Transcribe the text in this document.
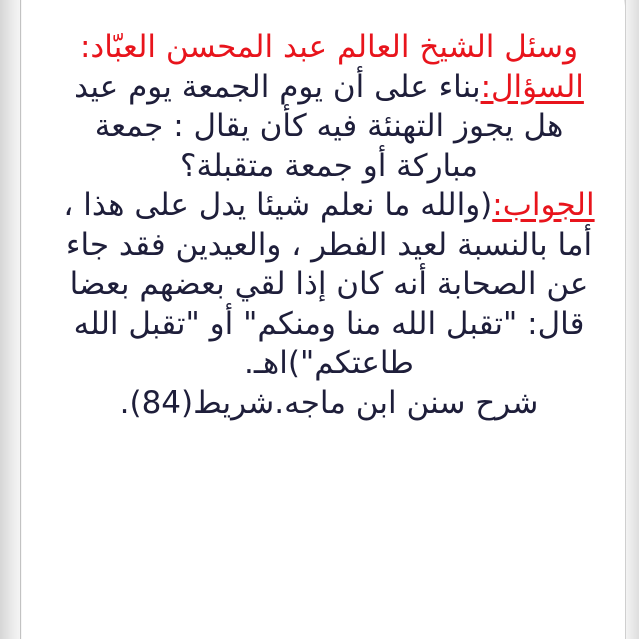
وسئل الشيخ العالم عبد المحسن العبّاد:

السؤال:بناء على أن يوم الجمعة يوم عيد هل يجوز التهنئة فيه كأن يقال : جمعة مباركة أو جمعة متقبلة؟

الجواب:(والله ما نعلم شيئا يدل على هذا ، أما بالنسبة لعيد الفطر ، والعيدين فقد جاء عن الصحابة أنه كان إذا لقي بعضهم بعضا قال: "تقبل الله منا ومنكم" أو "تقبل الله طاعتكم")اهـ.

شرح سنن ابن ماجه.شريط(84).
